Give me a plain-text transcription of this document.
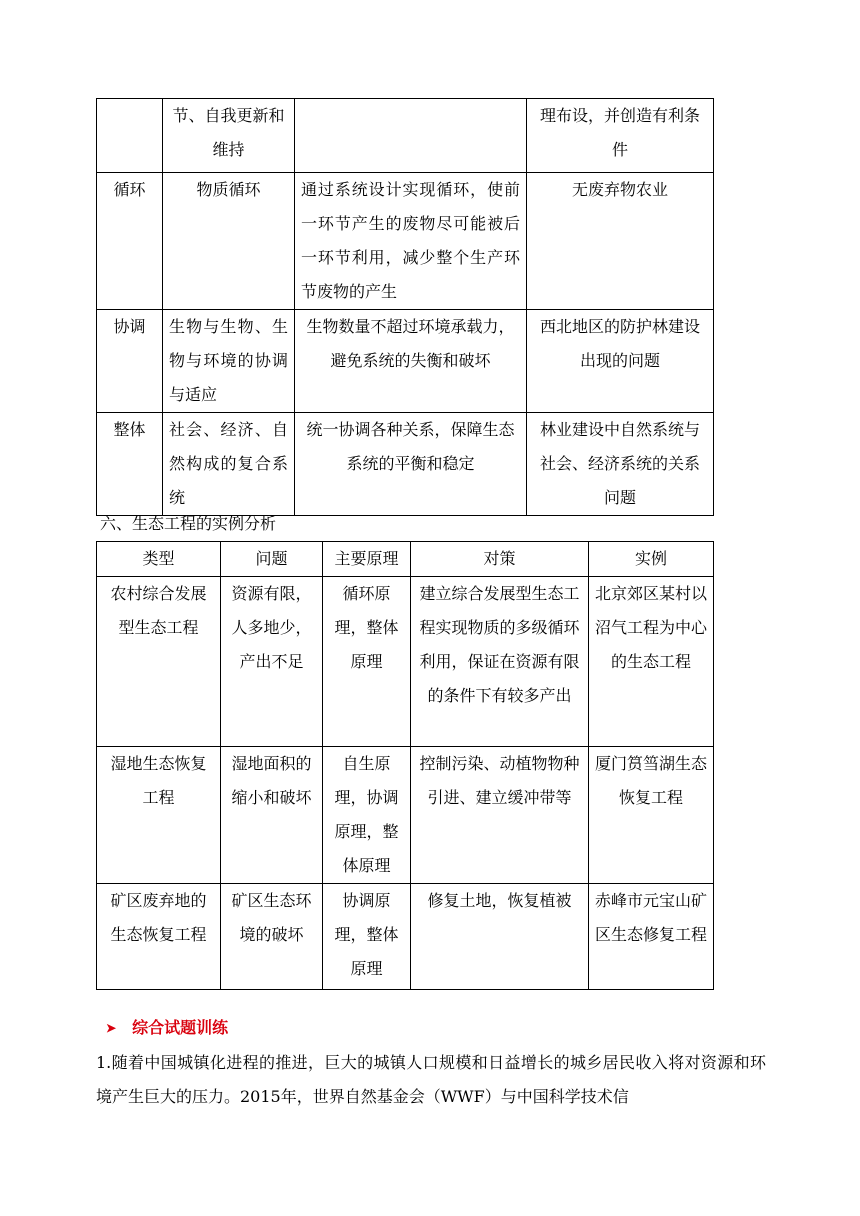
	节、自我更新和维持		理布设，并创造有利条件
循环	物质循环	通过系统设计实现循环，使前一环节产生的废物尽可能被后一环节利用，减少整个生产环节废物的产生	无废弃物农业
协调	生物与生物、生物与环境的协调与适应	生物数量不超过环境承载力，避免系统的失衡和破坏	西北地区的防护林建设出现的问题
整体	社会、经济、自然构成的复合系统	统一协调各种关系，保障生态系统的平衡和稳定	林业建设中自然系统与社会、经济系统的关系问题
六、生态工程的实例分析
类型	问题	主要原理	对策	实例
农村综合发展型生态工程	资源有限，人多地少，产出不足	循环原理，整体原理	建立综合发展型生态工程实现物质的多级循环利用，保证在资源有限的条件下有较多产出	北京郊区某村以沼气工程为中心的生态工程
湿地生态恢复工程	湿地面积的缩小和破坏	自生原理，协调原理，整体原理	控制污染、动植物物种引进、建立缓冲带等	厦门筼筜湖生态恢复工程
矿区废弃地的生态恢复工程	矿区生态环境的破坏	协调原理，整体原理	修复土地，恢复植被	赤峰市元宝山矿区生态修复工程
➤ 综合试题训练
1.随着中国城镇化进程的推进，巨大的城镇人口规模和日益增长的城乡居民收入将对资源和环境产生巨大的压力。2015年，世界自然基金会（WWF）与中国科学技术信
